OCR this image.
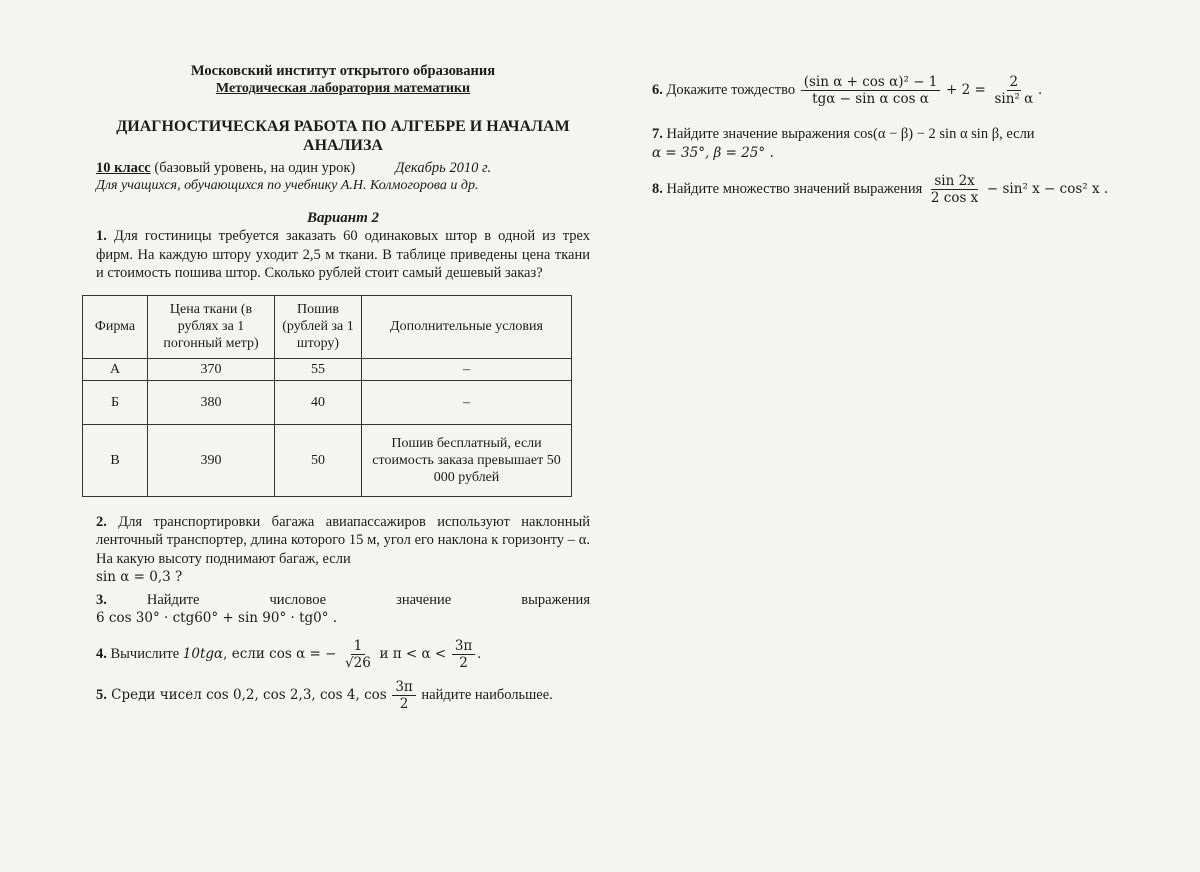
Московский институт открытого образования
Методическая лаборатория математики
ДИАГНОСТИЧЕСКАЯ РАБОТА ПО АЛГЕБРЕ И НАЧАЛАМ АНАЛИЗА
10 класс (базовый уровень, на один урок)	Декабрь 2010 г.
Для учащихся, обучающихся по учебнику А.Н. Колмогорова и др.
Вариант 2
1. Для гостиницы требуется заказать 60 одинаковых штор в одной из трех фирм. На каждую штору уходит 2,5 м ткани. В таблице приведены цена ткани и стоимость пошива штор. Сколько рублей стоит самый дешевый заказ?
Фирма	Цена ткани (в рублях за 1 погонный метр)	Пошив (рублей за 1 штору)	Дополнительные условия
А	370	55	–
Б	380	40	–
В	390	50	Пошив бесплатный, если стоимость заказа превышает 50 000 рублей
2. Для транспортировки багажа авиапассажиров используют наклонный ленточный транспортер, длина которого 15 м, угол его наклона к горизонту – α. На какую высоту поднимают багаж, если
sin α = 0,3 ?
3.	Найдите числовое значение выражения
6 cos 30° · ctg60° + sin 90° · tg0° .
4. Вычислите 10tgα, если cos α = − $\frac{1}{√26}$ и $\pi < \alpha < \frac{3\pi}{2}$ .
5. Среди чисел cos 0,2, cos 2,3, cos 4, $\cos \frac{3\pi}{2}$ найдите наибольшее.
6. Докажите тождество $\frac{\text{(sin α + cos α)² − 1}}{\text{tgα − sin α cos α}} + 2 = \frac{2}{\text{sin² α}}$ .
7. Найдите значение выражения cos(α − β) − 2 sin α sin β, если
α = 35°, β = 25° .
8. Найдите множество значений выражения $\frac{\sin 2x}{\text{2 cos x}} - \sin^2$ x − cos² x .
